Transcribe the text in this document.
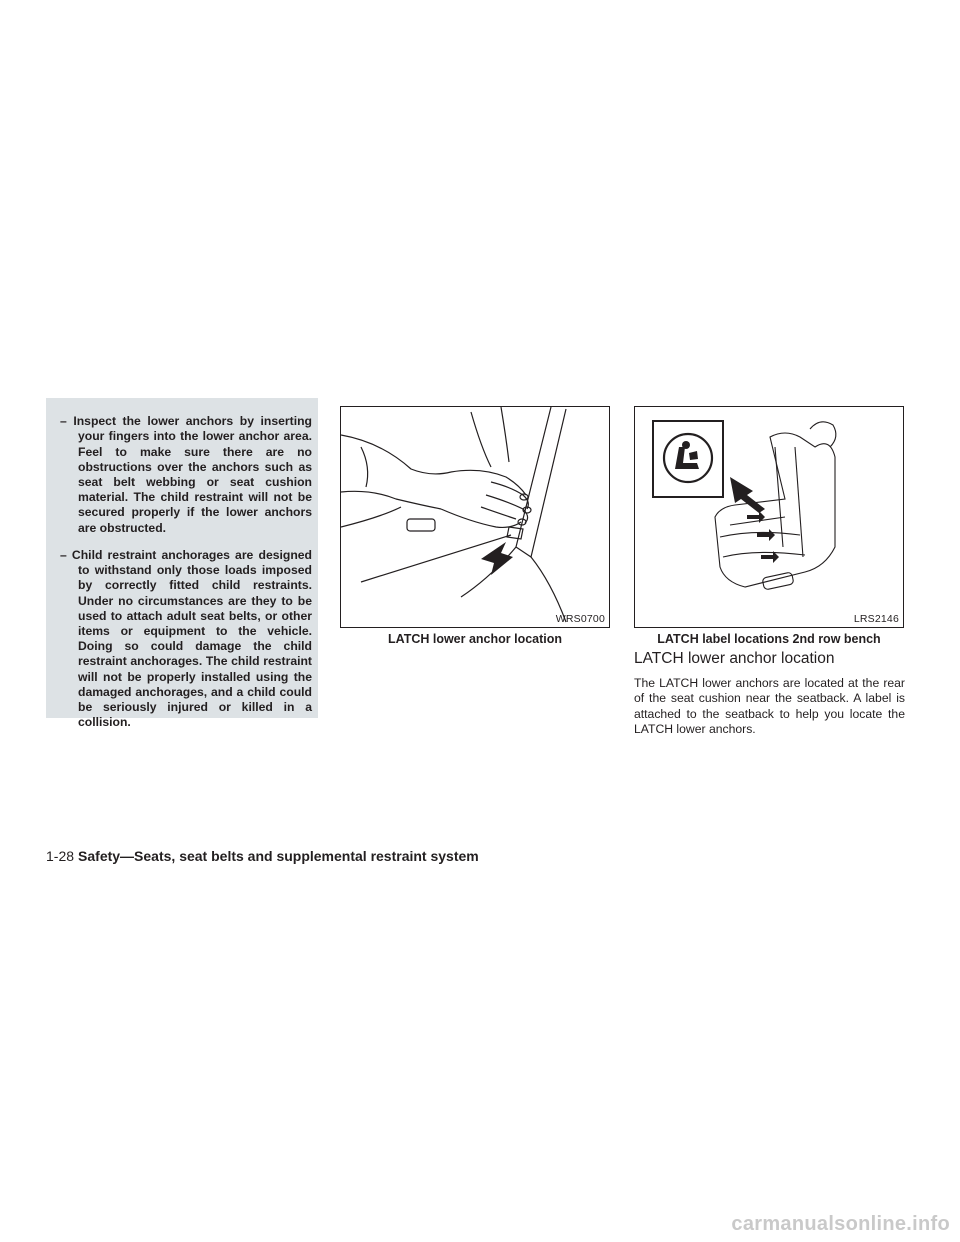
– Inspect the lower anchors by inserting your fingers into the lower anchor area. Feel to make sure there are no obstructions over the anchors such as seat belt webbing or seat cushion material. The child restraint will not be secured properly if the lower anchors are obstructed.

– Child restraint anchorages are designed to withstand only those loads imposed by correctly fitted child restraints. Under no circumstances are they to be used to attach adult seat belts, or other items or equipment to the vehicle. Doing so could damage the child restraint anchorages. The child restraint will not be properly installed using the damaged anchorages, and a child could be seriously injured or killed in a collision.

WRS0700
LATCH lower anchor location
LRS2146
LATCH label locations 2nd row bench
LATCH lower anchor location

The LATCH lower anchors are located at the rear of the seat cushion near the seatback. A label is attached to the seatback to help you locate the LATCH lower anchors.

1-28 Safety—Seats, seat belts and supplemental restraint system
carmanualsonline.info
